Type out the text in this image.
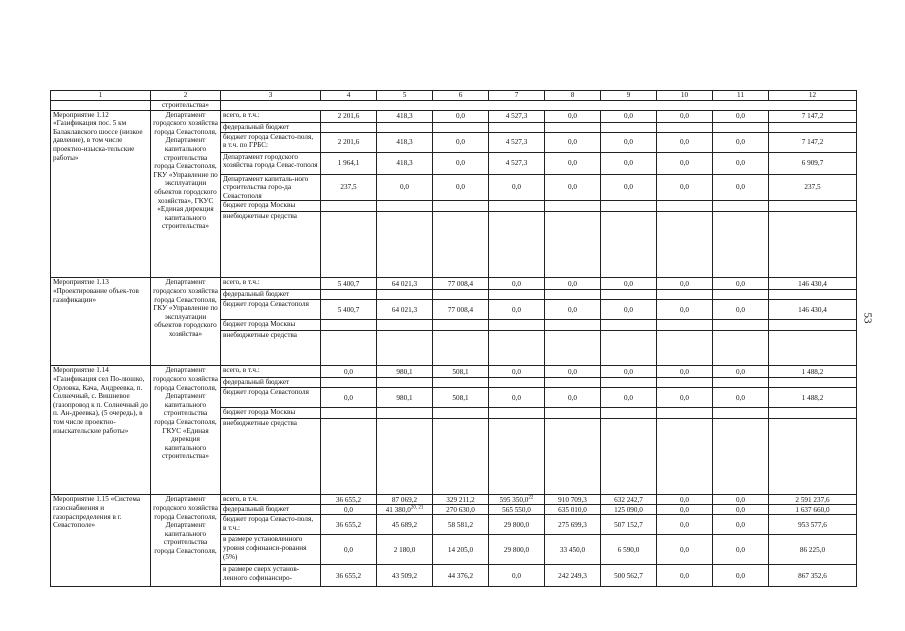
1	2	3	4	5	6	7	8	9	10	11	12
	строительства»										
Мероприятие 1.12 «Газификация пос. 5 км Балаклавского шоссе (низкое давление), в том числе проектно-изыска-тельские работы»	Департамент городского хозяйства города Севастополя, Департамент капитального строительства города Севастополя, ГКУ «Управление по эксплуатации объектов городского хозяйства», ГКУС «Единая дирекция капитального строительства»	всего, в т.ч.:	2 201,6	418,3	0,0	4 527,3	0,0	0,0	0,0	0,0	7 147,2
		федеральный бюджет									
		бюджет города Севасто-поля, в т.ч. по ГРБС:	2 201,6	418,3	0,0	4 527,3	0,0	0,0	0,0	0,0	7 147,2
		Департамент городского хозяйства города Севас-тополя	1 964,1	418,3	0,0	4 527,3	0,0	0,0	0,0	0,0	6 909,7
		Департамент капиталь-ного строительства горо-да Севастополя	237,5	0,0	0,0	0,0	0,0	0,0	0,0	0,0	237,5
		бюджет города Москвы									
		внебюджетные средства									
Мероприятие 1.13 «Проектирование объек-тов газификации»	Департамент городского хозяйства города Севастополя, ГКУ «Управление по эксплуатации объектов городского хозяйства»	всего, в т.ч.:	5 400,7	64 021,3	77 008,4	0,0	0,0	0,0	0,0	0,0	146 430,4
		федеральный бюджет									
		бюджет города Севастополя	5 400,7	64 021,3	77 008,4	0,0	0,0	0,0	0,0	0,0	146 430,4
		бюджет города Москвы									
		внебюджетные средства									
Мероприятие 1.14 «Газификация сел По-люшко, Орловка, Кача, Андреевка, п. Солнечный, с. Вишневое (газопровод к п. Солнечный до п. Ан-дреевка), (5 очередь), в том числе проектно-изыскательские работы»	Департамент городского хозяйства города Севастополя, Департамент капитального строительства города Севастополя, ГКУС «Единая дирекция капитального строительства»	всего, в т.ч.:	0,0	980,1	508,1	0,0	0,0	0,0	0,0	0,0	1 488,2
		федеральный бюджет									
		бюджет города Севастополя	0,0	980,1	508,1	0,0	0,0	0,0	0,0	0,0	1 488,2
		бюджет города Москвы									
		внебюджетные средства									
Мероприятие 1.15 «Система газоснабжения и газораспределения в г. Севастополе»	Департамент городского хозяйства города Севастополя, Департамент капитального строительства города Севастополя,	всего, в т.ч.	36 655,2	87 069,2	329 211,2	595 350,0$^{22}$	910 709,3	632 242,7	0,0	0,0	2 591 237,6
		федеральный бюджет	0,0	41 380,0$^{20, 21}$	270 630,0	565 550,0	635 010,0	125 090,0	0,0	0,0	1 637 660,0
		бюджет города Севасто-поля, в т.ч.:	36 655,2	45 689,2	58 581,2	29 800,0	275 699,3	507 152,7	0,0	0,0	953 577,6
		в размере установленного уровня софинанси-рования (5%)	0,0	2 180,0	14 205,0	29 800,0	33 450,0	6 590,0	0,0	0,0	86 225,0
		в размере сверх установ-ленного софинансиро-	36 655,2	43 509,2	44 376,2	0,0	242 249,3	500 562,7	0,0	0,0	867 352,6
53
